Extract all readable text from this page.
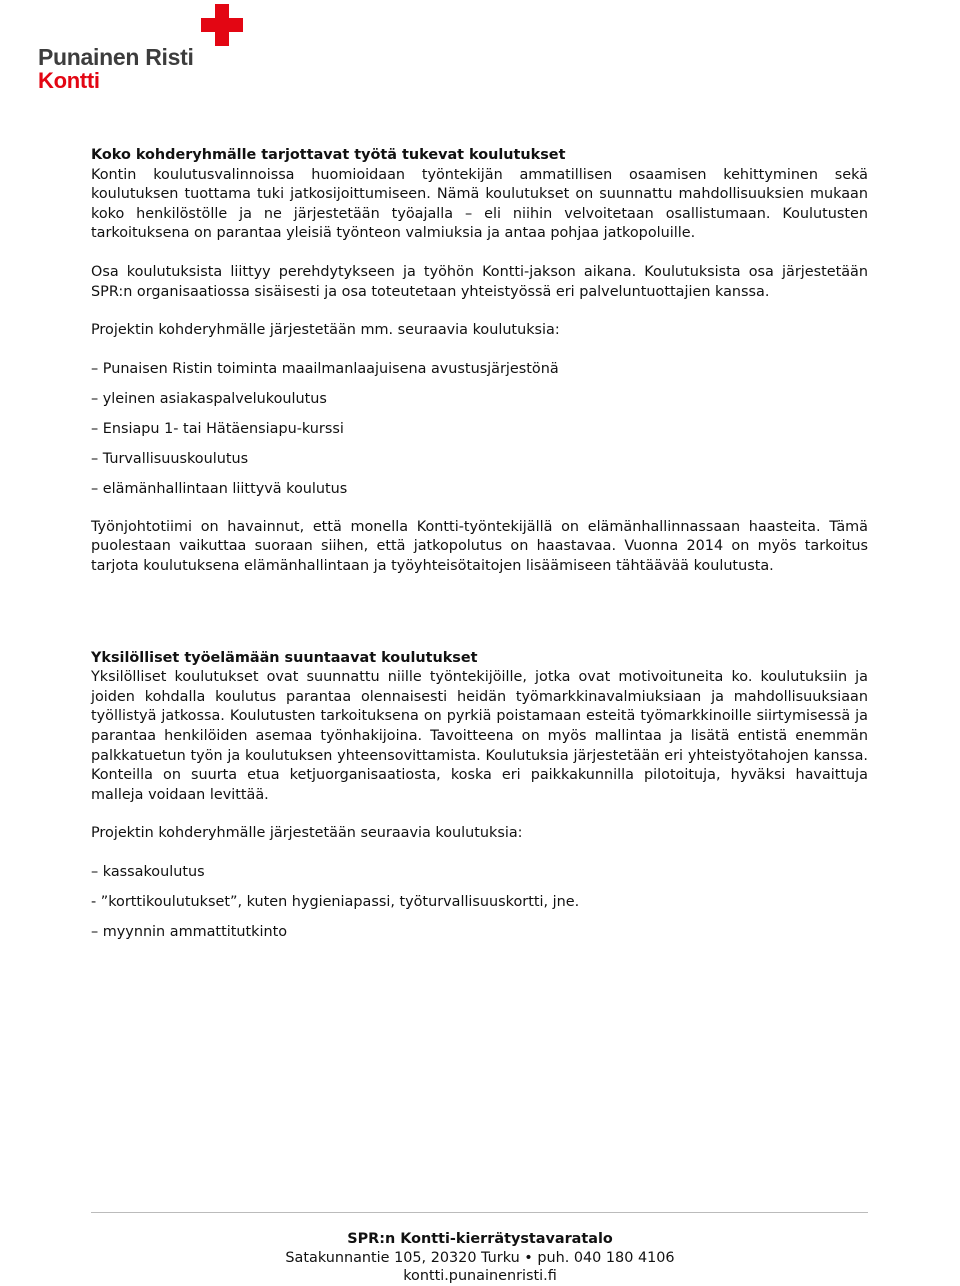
Punainen Risti
Kontti

Koko kohderyhmälle tarjottavat työtä tukevat koulutukset

Kontin koulutusvalinnoissa huomioidaan työntekijän ammatillisen osaamisen kehittyminen sekä koulutuksen tuottama tuki jatkosijoittumiseen. Nämä koulutukset on suunnattu mahdollisuuksien mukaan koko henkilöstölle ja ne järjestetään työajalla – eli niihin velvoitetaan osallistumaan. Koulutusten tarkoituksena on parantaa yleisiä työnteon valmiuksia ja antaa pohjaa jatkopoluille.

Osa koulutuksista liittyy perehdytykseen ja työhön Kontti-jakson aikana. Koulutuksista osa järjestetään SPR:n organisaatiossa sisäisesti ja osa toteutetaan yhteistyössä eri palveluntuottajien kanssa.

Projektin kohderyhmälle järjestetään mm. seuraavia koulutuksia:

– Punaisen Ristin toiminta maailmanlaajuisena avustusjärjestönä

– yleinen asiakaspalvelukoulutus

– Ensiapu 1- tai Hätäensiapu-kurssi

– Turvallisuuskoulutus

– elämänhallintaan liittyvä koulutus

Työnjohtotiimi on havainnut, että monella Kontti-työntekijällä on elämänhallinnassaan haasteita. Tämä puolestaan vaikuttaa suoraan siihen, että jatkopolutus on haastavaa. Vuonna 2014 on myös tarkoitus tarjota koulutuksena elämänhallintaan ja työyhteisötaitojen lisäämiseen tähtäävää koulutusta.

Yksilölliset työelämään suuntaavat koulutukset

Yksilölliset koulutukset ovat suunnattu niille työntekijöille, jotka ovat motivoituneita ko. koulutuksiin ja joiden kohdalla koulutus parantaa olennaisesti heidän työmarkkinavalmiuksiaan ja mahdollisuuksiaan työllistyä jatkossa. Koulutusten tarkoituksena on pyrkiä poistamaan esteitä työmarkkinoille siirtymisessä ja parantaa henkilöiden asemaa työnhakijoina. Tavoitteena on myös mallintaa ja lisätä entistä enemmän palkkatuetun työn ja koulutuksen yhteensovittamista. Koulutuksia järjestetään eri yhteistyötahojen kanssa. Konteilla on suurta etua ketjuorganisaatiosta, koska eri paikkakunnilla pilotoituja, hyväksi havaittuja malleja voidaan levittää.

Projektin kohderyhmälle järjestetään seuraavia koulutuksia:

– kassakoulutus

- ”korttikoulutukset”, kuten hygieniapassi, työturvallisuuskortti, jne.

– myynnin ammattitutkinto

SPR:n Kontti-kierrätystavaratalo
Satakunnantie 105, 20320 Turku • puh. 040 180 4106
kontti.punainenristi.fi
